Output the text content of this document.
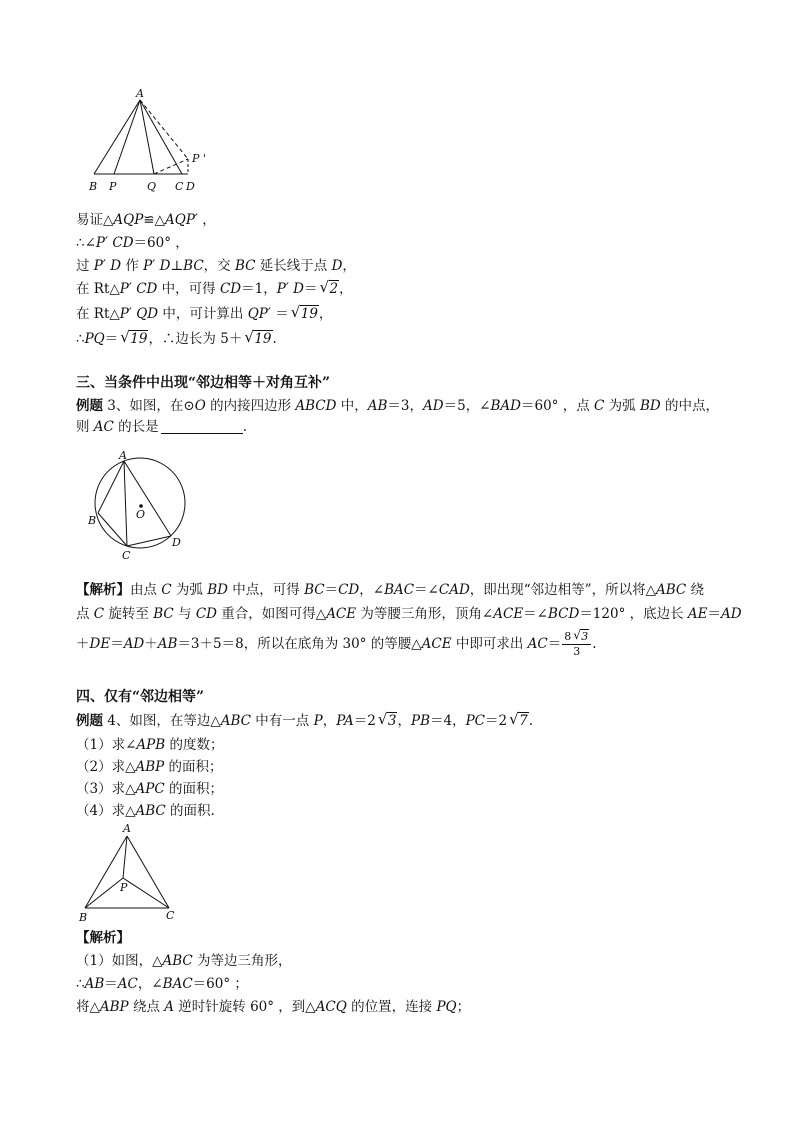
A
P '
B P	Q C D
易证△AQP≌△AQP′ ，
∴∠P′ CD＝60° ，
过 P′ D 作 P′ D⊥BC，交 BC 延长线于点 D，
在 Rt△P′ CD 中，可得 CD＝1，P′ D＝ √ 2，
在 Rt△P′ QD 中，可计算出 QP′ ＝ √ 19，
∴PQ＝ √ 19，∴边长为 5＋ √ 19.
三、当条件中出现“邻边相等＋对角互补”
例题 3、如图，在⊙O 的内接四边形 ABCD 中，AB＝3，AD＝5，∠BAD＝60° ，点 C 为弧 BD 的中点，
则 AC 的长是	.
A
B
C
D
O
【解析】由点 C 为弧 BD 中点，可得 BC＝CD，∠BAC＝∠CAD，即出现“邻边相等”，所以将△ABC 绕
点 C 旋转至 BC 与 CD 重合，如图可得△ACE 为等腰三角形，顶角∠ACE＝∠BCD＝120° ，底边长 AE＝AD
＋DE＝AD＋AB＝3＋5＝8，所以在底角为 30° 的等腰△ACE 中即可求出 $AC= \frac{8 √ 3}{3}$ .
四、仅有“邻边相等”
例题 4、如图，在等边△ABC 中有一点 P，PA＝2 √ 3，PB＝4，PC＝2 √ 7.
（1）求∠APB 的度数；
（2）求△ABP 的面积；
（3）求△APC 的面积；
（4）求△ABC 的面积.
A
P
B	C
【解析】
（1）如图，△ABC 为等边三角形，
∴AB＝AC，∠BAC＝60° ；
将△ABP 绕点 A 逆时针旋转 60° ，到△ACQ 的位置，连接 PQ；
